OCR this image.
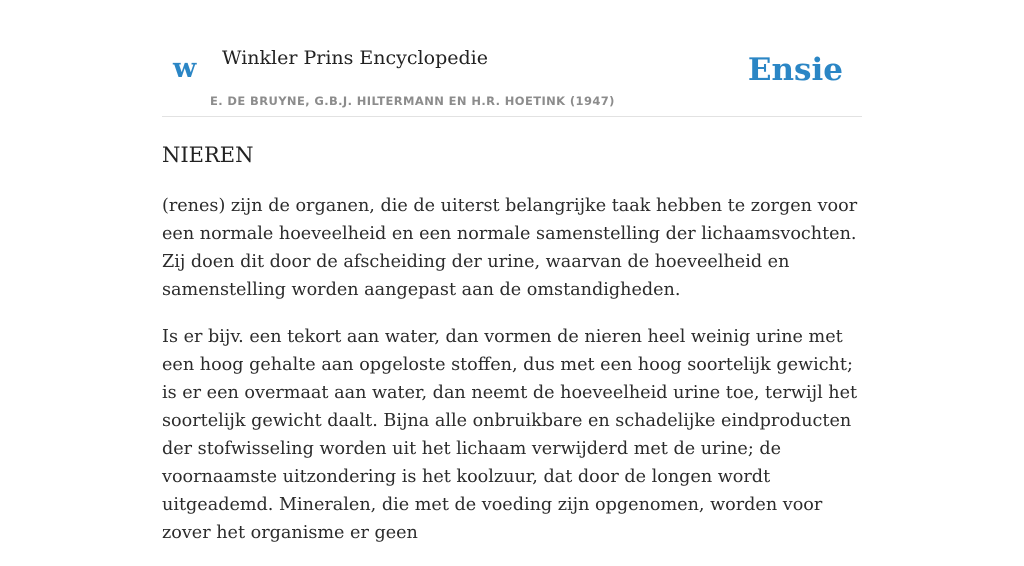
w Winkler Prins Encyclopedie
E. DE BRUYNE, G.B.J. HILTERMANN EN H.R. HOETINK (1947)
Ensie
NIEREN

(renes) zijn de organen, die de uiterst belangrijke taak hebben te zorgen voor een normale hoeveelheid en een normale samenstelling der lichaamsvochten. Zij doen dit door de afscheiding der urine, waarvan de hoeveelheid en samenstelling worden aangepast aan de omstandigheden.

Is er bijv. een tekort aan water, dan vormen de nieren heel weinig urine met een hoog gehalte aan opgeloste stoffen, dus met een hoog soortelijk gewicht; is er een overmaat aan water, dan neemt de hoeveelheid urine toe, terwijl het soortelijk gewicht daalt. Bijna alle onbruikbare en schadelijke eindproducten der stofwisseling worden uit het lichaam verwijderd met de urine; de voornaamste uitzondering is het koolzuur, dat door de longen wordt uitgeademd. Mineralen, die met de voeding zijn opgenomen, worden voor zover het organisme er geen
